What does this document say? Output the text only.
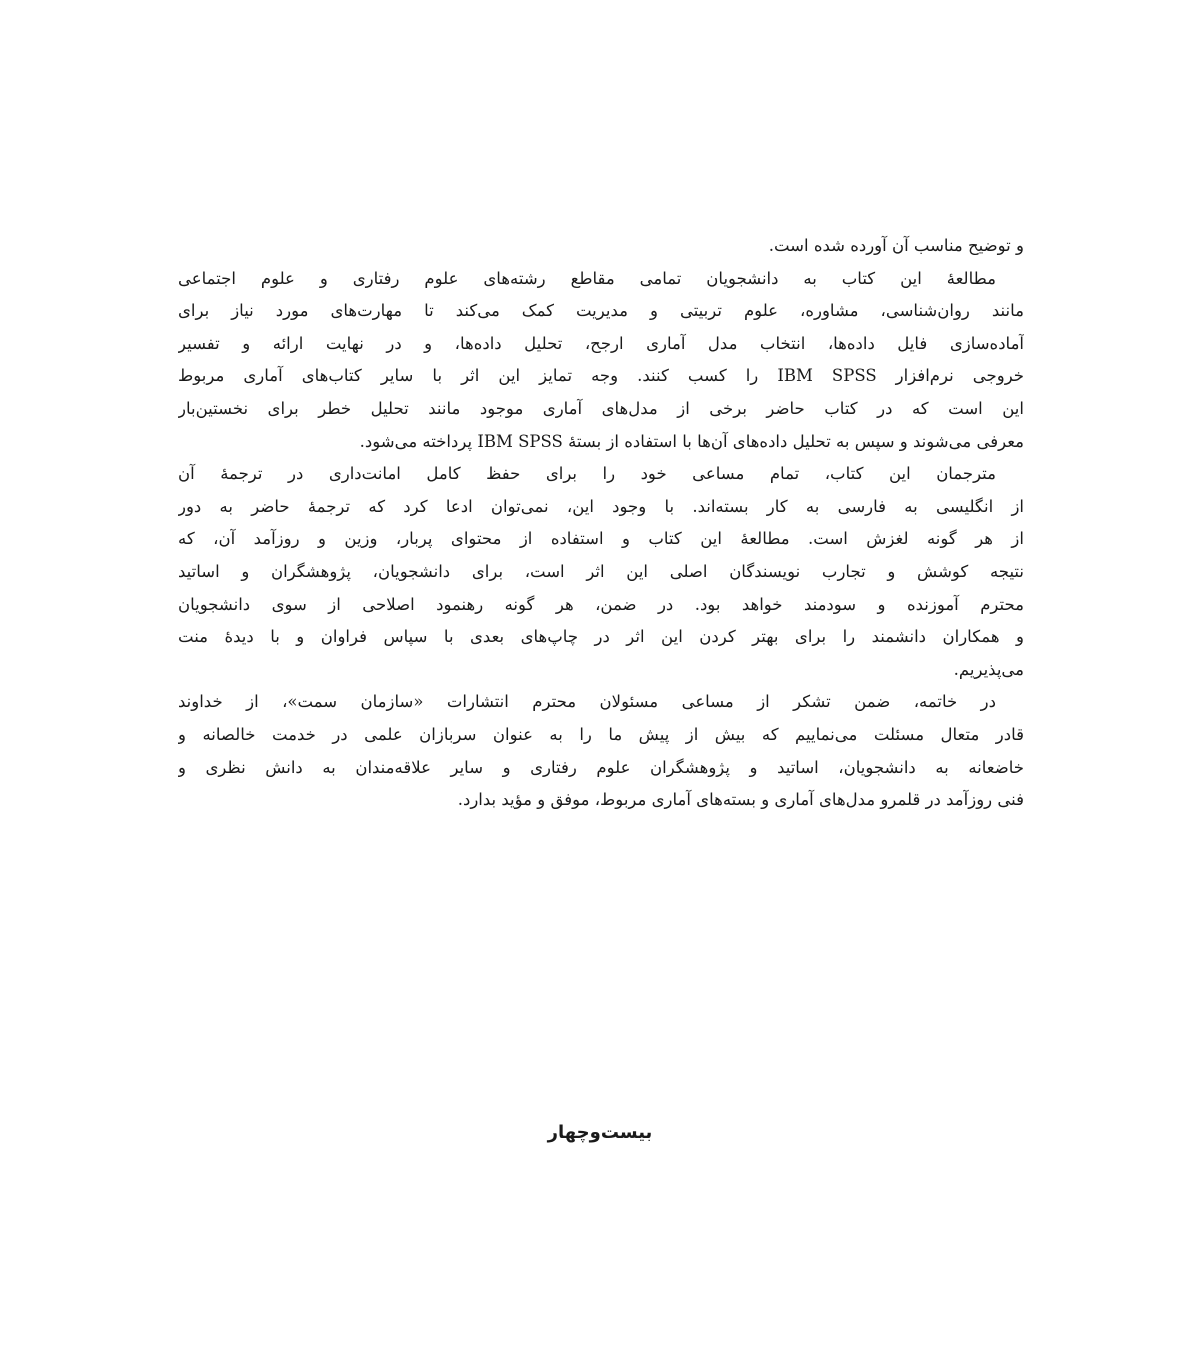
و توضیح مناسب آن آورده شده است.
مطالعهٔ این کتاب به دانشجویان تمامی مقاطع رشته‌های علوم رفتاری و علوم اجتماعی
مانند روان‌شناسی، مشاوره، علوم تربیتی و مدیریت کمک می‌کند تا مهارت‌های مورد نیاز برای
آماده‌سازی فایل داده‌ها، انتخاب مدل آماری ارجح، تحلیل داده‌ها، و در نهایت ارائه و تفسیر
خروجی نرم‌افزار IBM SPSS را کسب کنند. وجه تمایز این اثر با سایر کتاب‌های آماری مربوط
این است که در کتاب حاضر برخی از مدل‌های آماری موجود مانند تحلیل خطر برای نخستین‌بار
معرفی می‌شوند و سپس به تحلیل داده‌های آن‌ها با استفاده از بستهٔ IBM SPSS پرداخته می‌شود.
مترجمان این کتاب، تمام مساعی خود را برای حفظ کامل امانت‌داری در ترجمهٔ آن
از انگلیسی به فارسی به کار بسته‌اند. با وجود این، نمی‌توان ادعا کرد که ترجمهٔ حاضر به دور
از هر گونه لغزش است. مطالعهٔ این کتاب و استفاده از محتوای پربار، وزین و روزآمد آن، که
نتیجه کوشش و تجارب نویسندگان اصلی این اثر است، برای دانشجویان، پژوهشگران و اساتید
محترم آموزنده و سودمند خواهد بود. در ضمن، هر گونه رهنمود اصلاحی از سوی دانشجویان
و همکاران دانشمند را برای بهتر کردن این اثر در چاپ‌های بعدی با سپاس فراوان و با دیدهٔ منت
می‌پذیریم.
در خاتمه، ضمن تشکر از مساعی مسئولان محترم انتشارات «سازمان سمت»، از خداوند
قادر متعال مسئلت می‌نماییم که بیش از پیش ما را به عنوان سربازان علمی در خدمت خالصانه و
خاضعانه به دانشجویان، اساتید و پژوهشگران علوم رفتاری و سایر علاقه‌مندان به دانش نظری و
فنی روزآمد در قلمرو مدل‌های آماری و بسته‌های آماری مربوط، موفق و مؤید بدارد.
بیست‌وچهار
